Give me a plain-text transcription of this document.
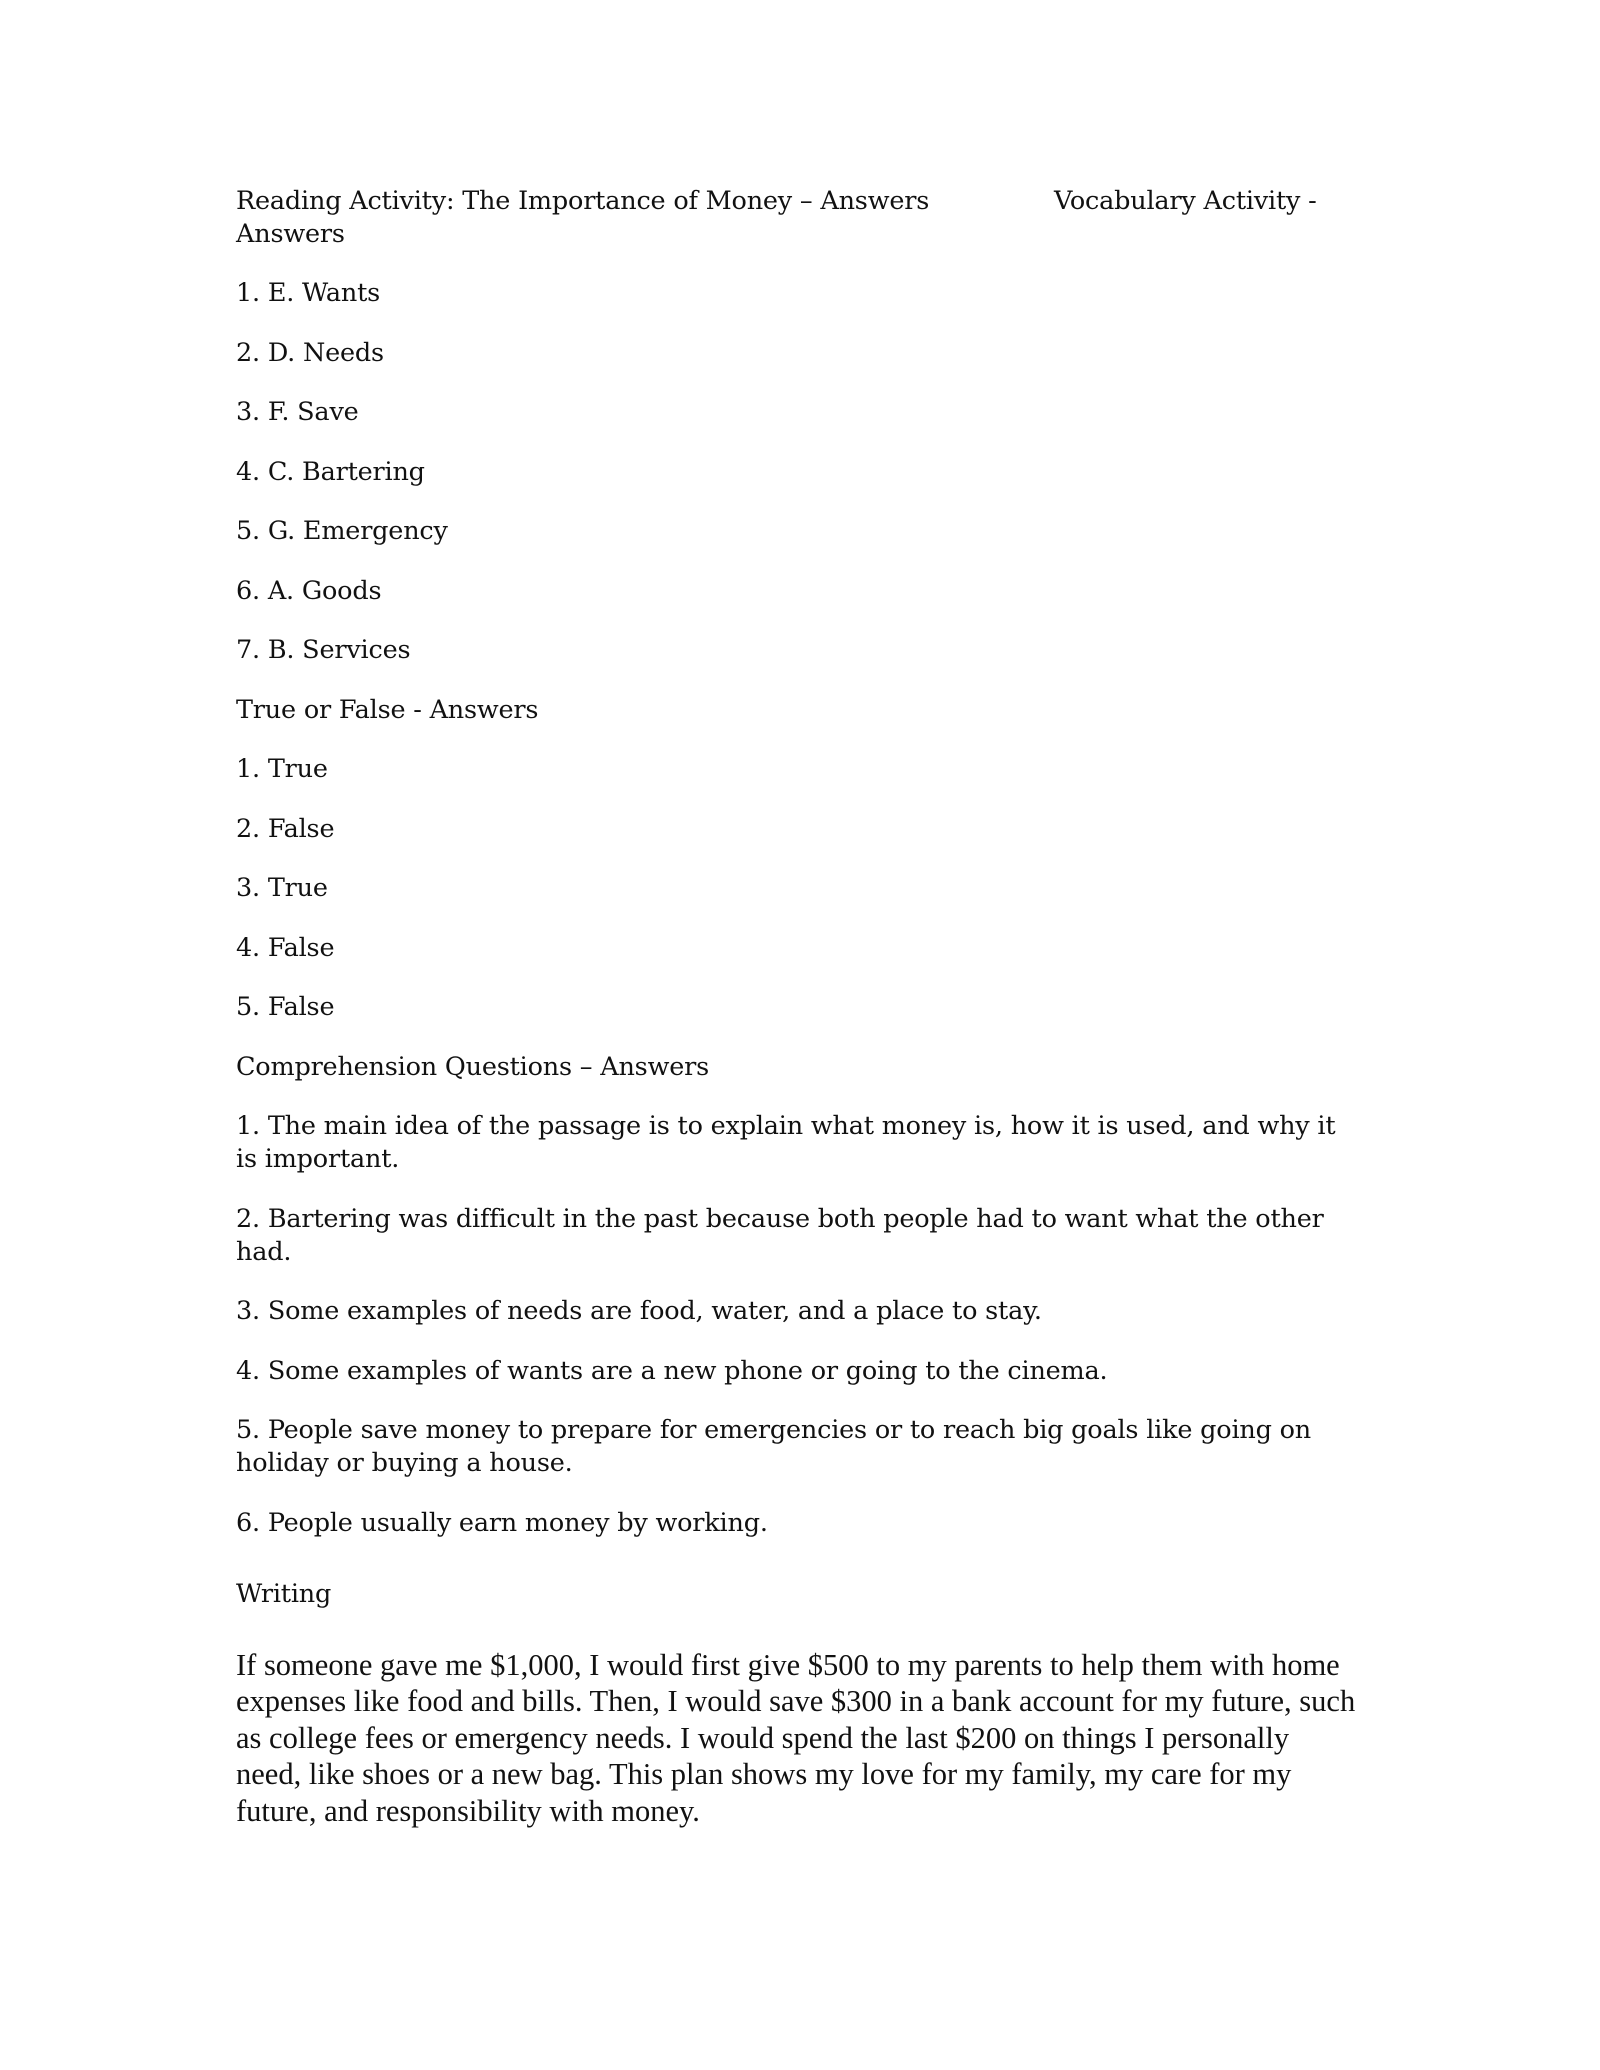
Reading Activity: The Importance of Money – Answers	Vocabulary Activity -

Answers

1. E. Wants

2. D. Needs

3. F. Save

4. C. Bartering

5. G. Emergency

6. A. Goods

7. B. Services

True or False - Answers

1. True

2. False

3. True

4. False

5. False

Comprehension Questions – Answers

1. The main idea of the passage is to explain what money is, how it is used, and why it is important.

2. Bartering was difficult in the past because both people had to want what the other had.

3. Some examples of needs are food, water, and a place to stay.

4. Some examples of wants are a new phone or going to the cinema.

5. People save money to prepare for emergencies or to reach big goals like going on holiday or buying a house.

6. People usually earn money by working.

Writing

If someone gave me $1,000, I would first give $500 to my parents to help them with home expenses like food and bills. Then, I would save $300 in a bank account for my future, such as college fees or emergency needs. I would spend the last $200 on things I personally need, like shoes or a new bag. This plan shows my love for my family, my care for my future, and responsibility with money.
